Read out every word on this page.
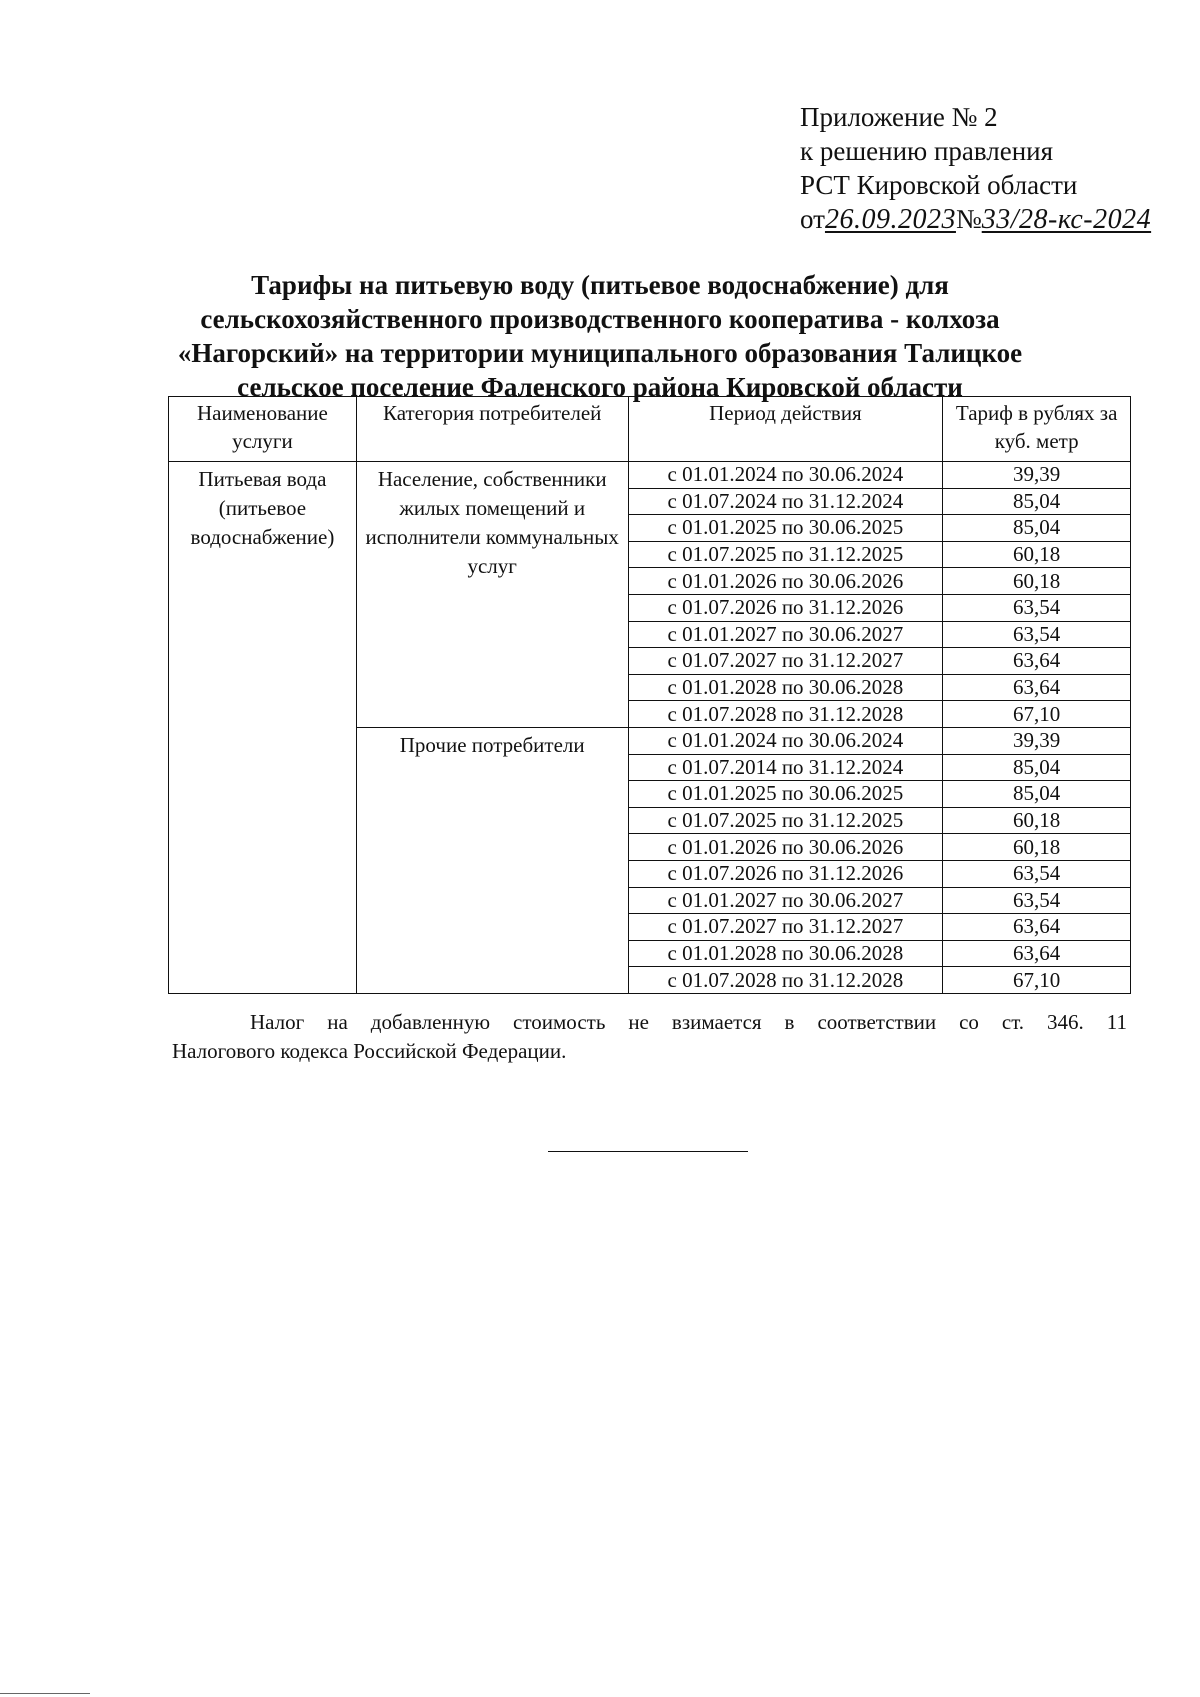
Приложение № 2
к решению правления
РСТ Кировской области
от26.09.2023№33/28-кс-2024
Тарифы на питьевую воду (питьевое водоснабжение) для
сельскохозяйственного производственного кооператива - колхоза
«Нагорский» на территории муниципального образования Талицкое
сельское поселение Фаленского района Кировской области
Наименование услуги	Категория потребителей	Период действия	Тариф в рублях за куб. метр
Питьевая вода (питьевое водоснабжение)	Население, собственники жилых помещений и исполнители коммунальных услуг	с 01.01.2024 по 30.06.2024	39,39
		с 01.07.2024 по 31.12.2024	85,04
		с 01.01.2025 по 30.06.2025	85,04
		с 01.07.2025 по 31.12.2025	60,18
		с 01.01.2026 по 30.06.2026	60,18
		с 01.07.2026 по 31.12.2026	63,54
		с 01.01.2027 по 30.06.2027	63,54
		с 01.07.2027 по 31.12.2027	63,64
		с 01.01.2028 по 30.06.2028	63,64
		с 01.07.2028 по 31.12.2028	67,10
	Прочие потребители	с 01.01.2024 по 30.06.2024	39,39
		с 01.07.2014 по 31.12.2024	85,04
		с 01.01.2025 по 30.06.2025	85,04
		с 01.07.2025 по 31.12.2025	60,18
		с 01.01.2026 по 30.06.2026	60,18
		с 01.07.2026 по 31.12.2026	63,54
		с 01.01.2027 по 30.06.2027	63,54
		с 01.07.2027 по 31.12.2027	63,64
		с 01.01.2028 по 30.06.2028	63,64
		с 01.07.2028 по 31.12.2028	67,10
Налог на добавленную стоимость не взимается в соответствии со ст. 346. 11
Налогового кодекса Российской Федерации.
